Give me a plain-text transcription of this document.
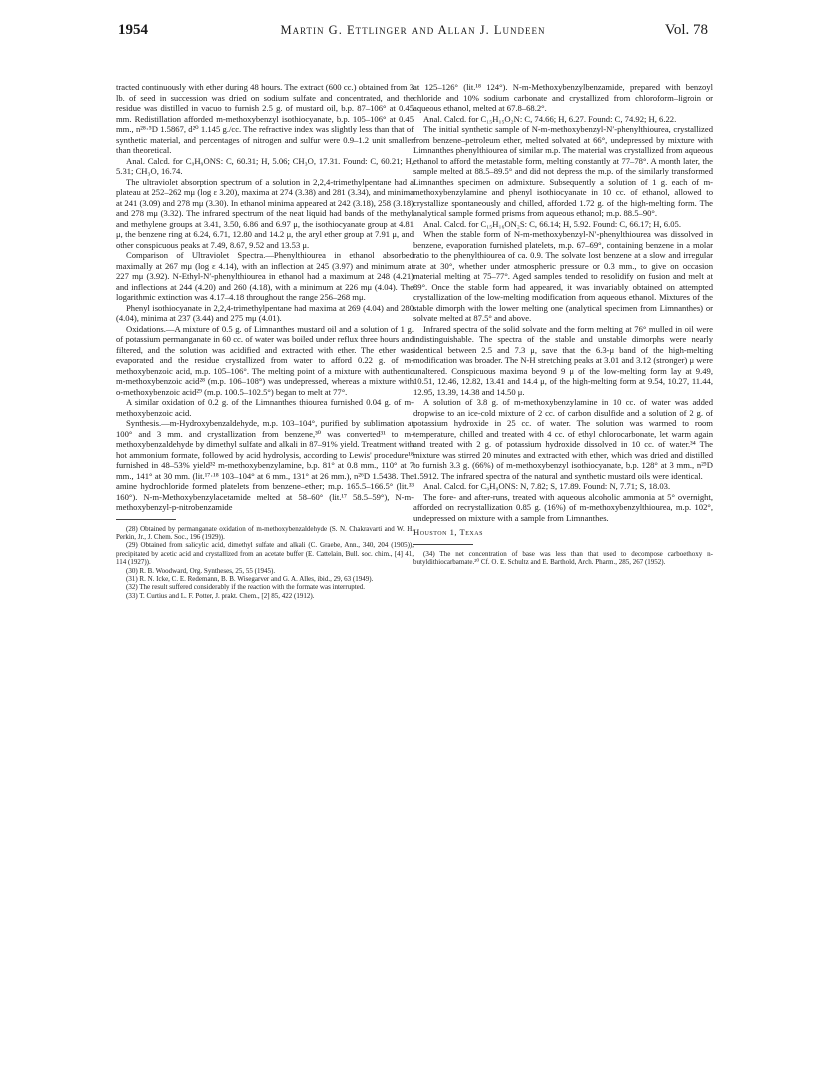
1954	Martin G. Ettlinger and Allan J. Lundeen	Vol. 78

tracted continuously with ether during 48 hours. The extract (600 cc.) obtained from 3 lb. of seed in succession was dried on sodium sulfate and concentrated, and the residue was distilled in vacuo to furnish 2.5 g. of mustard oil, b.p. 87–106° at 0.45 mm. Redistillation afforded m-methoxybenzyl isothiocyanate, b.p. 105–106° at 0.45 mm., n²⁸·⁵D 1.5867, d²⁰ 1.145 g./cc. The refractive index was slightly less than that of synthetic material, and percentages of nitrogen and sulfur were 0.9–1.2 unit smaller than theoretical.

Anal. Calcd. for C₉H₉ONS: C, 60.31; H, 5.06; CH₃O, 17.31. Found: C, 60.21; H, 5.31; CH₃O, 16.74.

The ultraviolet absorption spectrum of a solution in 2,2,4-trimethylpentane had a plateau at 252–262 mμ (log ε 3.20), maxima at 274 (3.38) and 281 (3.34), and minima at 241 (3.09) and 278 mμ (3.30). In ethanol minima appeared at 242 (3.18), 258 (3.18) and 278 mμ (3.32). The infrared spectrum of the neat liquid had bands of the methyl and methylene groups at 3.41, 3.50, 6.86 and 6.97 μ, the isothiocyanate group at 4.81 μ, the benzene ring at 6.24, 6.71, 12.80 and 14.2 μ, the aryl ether group at 7.91 μ, and other conspicuous peaks at 7.49, 8.67, 9.52 and 13.53 μ.

Comparison of Ultraviolet Spectra.—Phenylthiourea in ethanol absorbed maximally at 267 mμ (log ε 4.14), with an inflection at 245 (3.97) and minimum at 227 mμ (3.92). N-Ethyl-N′-phenylthiourea in ethanol had a maximum at 248 (4.21) and inflections at 244 (4.20) and 260 (4.18), with a minimum at 226 mμ (4.04). The logarithmic extinction was 4.17–4.18 throughout the range 256–268 mμ.

Phenyl isothiocyanate in 2,2,4-trimethylpentane had maxima at 269 (4.04) and 280 (4.04), minima at 237 (3.44) and 275 mμ (4.01).

Oxidations.—A mixture of 0.5 g. of Limnanthes mustard oil and a solution of 1 g. of potassium permanganate in 60 cc. of water was boiled under reflux three hours and filtered, and the solution was acidified and extracted with ether. The ether was evaporated and the residue crystallized from water to afford 0.22 g. of m-methoxybenzoic acid, m.p. 105–106°. The melting point of a mixture with authentic m-methoxybenzoic acid²⁸ (m.p. 106–108°) was undepressed, whereas a mixture with o-methoxybenzoic acid²⁹ (m.p. 100.5–102.5°) began to melt at 77°.

A similar oxidation of 0.2 g. of the Limnanthes thiourea furnished 0.04 g. of m-methoxybenzoic acid.

Synthesis.—m-Hydroxybenzaldehyde, m.p. 103–104°, purified by sublimation at 100° and 3 mm. and crystallization from benzene,³⁰ was converted³¹ to m-methoxybenzaldehyde by dimethyl sulfate and alkali in 87–91% yield. Treatment with hot ammonium formate, followed by acid hydrolysis, according to Lewis' procedure¹⁸ furnished in 48–53% yield³² m-methoxybenzylamine, b.p. 81° at 0.8 mm., 110° at 7 mm., 141° at 30 mm. (lit.¹⁷·¹⁸ 103–104° at 6 mm., 131° at 26 mm.), n²⁶D 1.5438. The amine hydrochloride formed platelets from benzene–ether; m.p. 165.5–166.5° (lit.³³ 160°). N-m-Methoxybenzylacetamide melted at 58–60° (lit.¹⁷ 58.5–59°), N-m-methoxybenzyl-p-nitrobenzamide

(28) Obtained by permanganate oxidation of m-methoxybenzaldehyde (S. N. Chakravarti and W. H. Perkin, Jr., J. Chem. Soc., 196 (1929)).

(29) Obtained from salicylic acid, dimethyl sulfate and alkali (C. Graebe, Ann., 340, 204 (1905)), precipitated by acetic acid and crystallized from an acetate buffer (E. Cattelain, Bull. soc. chim., [4] 41, 114 (1927)).

(30) R. B. Woodward, Org. Syntheses, 25, 55 (1945).

(31) R. N. Icke, C. E. Redemann, B. B. Wisegarver and G. A. Alles, ibid., 29, 63 (1949).

(32) The result suffered considerably if the reaction with the formate was interrupted.

(33) T. Curtius and L. F. Potter, J. prakt. Chem., [2] 85, 422 (1912).

at 125–126° (lit.¹⁸ 124°). N-m-Methoxybenzylbenzamide, prepared with benzoyl chloride and 10% sodium carbonate and crystallized from chloroform–ligroin or aqueous ethanol, melted at 67.8–68.2°.

Anal. Calcd. for C₁₅H₁₅O₂N: C, 74.66; H, 6.27. Found: C, 74.92; H, 6.22.

The initial synthetic sample of N-m-methoxybenzyl-N′-phenylthiourea, crystallized from benzene–petroleum ether, melted solvated at 66°, undepressed by mixture with Limnanthes phenylthiourea of similar m.p. The material was crystallized from aqueous ethanol to afford the metastable form, melting constantly at 77–78°. A month later, the sample melted at 88.5–89.5° and did not depress the m.p. of the similarly transformed Limnanthes specimen on admixture. Subsequently a solution of 1 g. each of m-methoxybenzylamine and phenyl isothiocyanate in 10 cc. of ethanol, allowed to crystallize spontaneously and chilled, afforded 1.72 g. of the high-melting form. The analytical sample formed prisms from aqueous ethanol; m.p. 88.5–90°.

Anal. Calcd. for C₁₅H₁₆ON₂S: C, 66.14; H, 5.92. Found: C, 66.17; H, 6.05.

When the stable form of N-m-methoxybenzyl-N′-phenylthiourea was dissolved in benzene, evaporation furnished platelets, m.p. 67–69°, containing benzene in a molar ratio to the phenylthiourea of ca. 0.9. The solvate lost benzene at a slow and irregular rate at 30°, whether under atmospheric pressure or 0.3 mm., to give on occasion material melting at 75–77°. Aged samples tended to resolidify on fusion and melt at 89°. Once the stable form had appeared, it was invariably obtained on attempted crystallization of the low-melting modification from aqueous ethanol. Mixtures of the stable dimorph with the lower melting one (analytical specimen from Limnanthes) or solvate melted at 87.5° and above.

Infrared spectra of the solid solvate and the form melting at 76° mulled in oil were indistinguishable. The spectra of the stable and unstable dimorphs were nearly identical between 2.5 and 7.3 μ, save that the 6.3-μ band of the high-melting modification was broader. The N-H stretching peaks at 3.01 and 3.12 (stronger) μ were unaltered. Conspicuous maxima beyond 9 μ of the low-melting form lay at 9.49, 10.51, 12.46, 12.82, 13.41 and 14.4 μ, of the high-melting form at 9.54, 10.27, 11.44, 12.95, 13.39, 14.38 and 14.50 μ.

A solution of 3.8 g. of m-methoxybenzylamine in 10 cc. of water was added dropwise to an ice-cold mixture of 2 cc. of carbon disulfide and a solution of 2 g. of potassium hydroxide in 25 cc. of water. The solution was warmed to room temperature, chilled and treated with 4 cc. of ethyl chlorocarbonate, let warm again and treated with 2 g. of potassium hydroxide dissolved in 10 cc. of water.³⁴ The mixture was stirred 20 minutes and extracted with ether, which was dried and distilled to furnish 3.3 g. (66%) of m-methoxybenzyl isothiocyanate, b.p. 128° at 3 mm., n²⁵D 1.5912. The infrared spectra of the natural and synthetic mustard oils were identical.

Anal. Calcd. for C₉H₉ONS: N, 7.82; S, 17.89. Found: N, 7.71; S, 18.03.

The fore- and after-runs, treated with aqueous alcoholic ammonia at 5° overnight, afforded on recrystallization 0.85 g. (16%) of m-methoxybenzylthiourea, m.p. 102°, undepressed on mixture with a sample from Limnanthes.

Houston 1, Texas

(34) The net concentration of base was less than that used to decompose carboethoxy n-butyldithiocarbamate.²⁰ Cf. O. E. Schultz and E. Barthold, Arch. Pharm., 285, 267 (1952).
